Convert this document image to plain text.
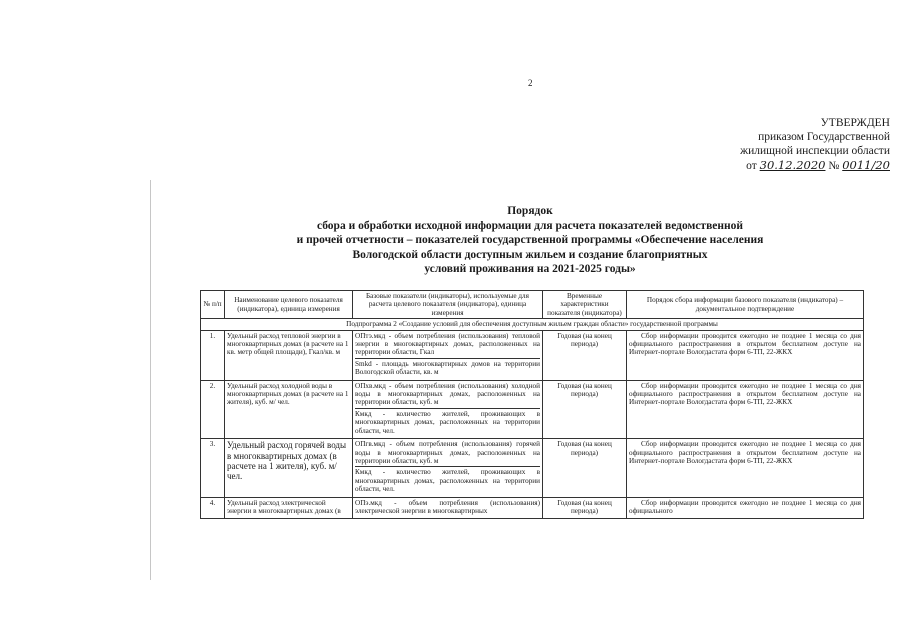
2
УТВЕРЖДЕН
приказом Государственной
жилищной инспекции области
от 30.12.2020 № 0011/20
Порядок
сбора и обработки исходной информации для расчета показателей ведомственной
и прочей отчетности – показателей государственной программы «Обеспечение населения
Вологодской области доступным жильем и создание благоприятных
условий проживания на 2021-2025 годы»
№ п/п	Наименование целевого показателя (индикатора), единица измерения	Базовые показатели (индикаторы), используемые для расчета целевого показателя (индикатора), единица измерения	Временные характеристики показателя (индикатора)	Порядок сбора информации базового показателя (индикатора) – документальное подтверждение
Подпрограмма 2 «Создание условий для обеспечения доступным жильем граждан области» государственной программы				
1.	Удельный расход тепловой энергии в многоквартирных домах (в расчете на 1 кв. метр общей площади), Гкал/кв. м	ОПтэ.мкд - объем потребления (использования) тепловой энергии в многоквартирных домах, расположенных на территории области, Гкал
Smkd - площадь многоквартирных домов на территории Вологодской области, кв. м	Годовая (на конец периода)	Сбор информации проводится ежегодно не позднее 1 месяца со дня официального распространения в открытом бесплатном доступе на Интернет-портале Вологдастата форм 6-ТП, 22-ЖКХ
2.	Удельный расход холодной воды в многоквартирных домах (в расчете на 1 жителя), куб. м/ чел.	ОПхв.мкд - объем потребления (использования) холодной воды в многоквартирных домах, расположенных на территории области, куб. м
Кмкд - количество жителей, проживающих в многоквартирных домах, расположенных на территории области, чел.	Годовая (на конец периода)	Сбор информации проводится ежегодно не позднее 1 месяца со дня официального распространения в открытом бесплатном доступе на Интернет-портале Вологдастата форм 6-ТП, 22-ЖКХ
3.	Удельный расход горячей воды в многоквартирных домах (в расчете на 1 жителя), куб. м/ чел.	ОПгв.мкд - объем потребления (использования) горячей воды в многоквартирных домах, расположенных на территории области, куб. м
Кмкд - количество жителей, проживающих в многоквартирных домах, расположенных на территории области, чел.	Годовая (на конец периода)	Сбор информации проводится ежегодно не позднее 1 месяца со дня официального распространения в открытом бесплатном доступе на Интернет-портале Вологдастата форм 6-ТП, 22-ЖКХ
4.	Удельный расход электрической энергии в многоквартирных домах (в	ОПэ.мкд - объем потребления (использования) электрической энергии в многоквартирных	Годовая (на конец периода)	Сбор информации проводится ежегодно не позднее 1 месяца со дня официального
